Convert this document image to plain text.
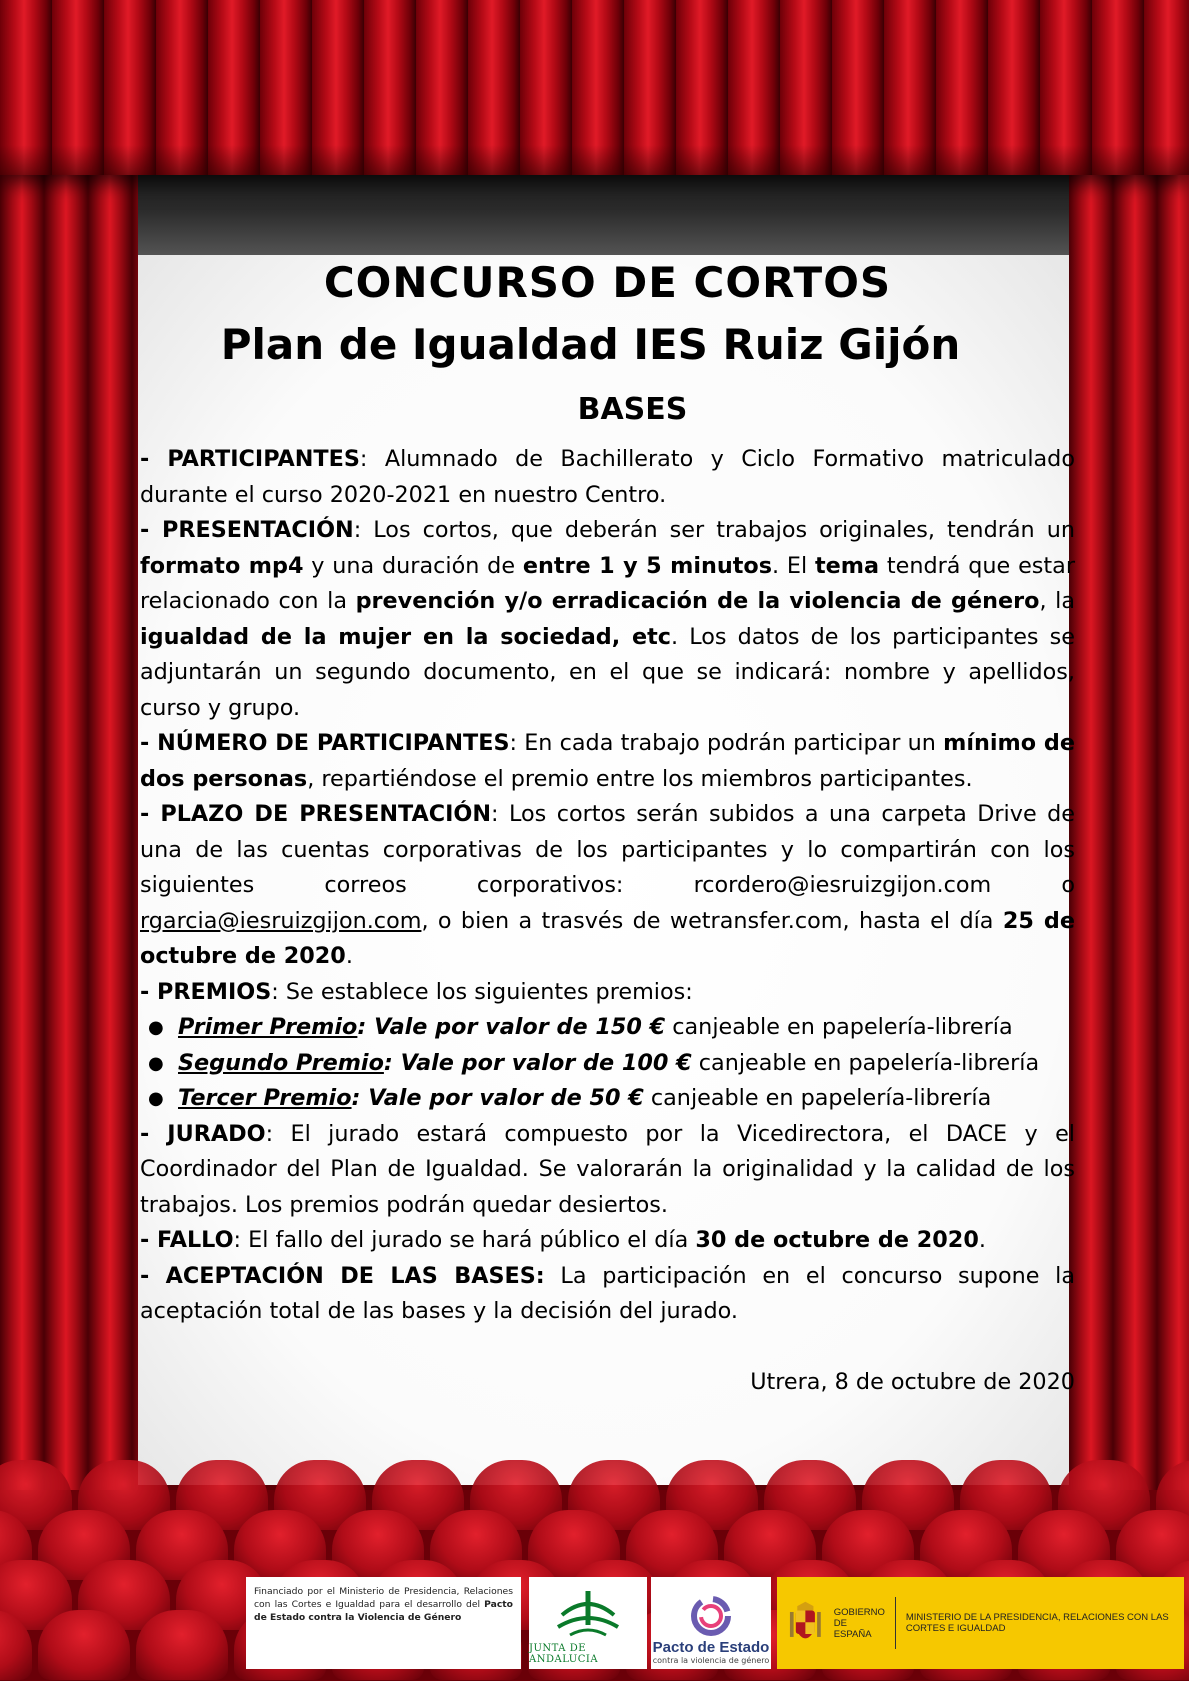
CONCURSO DE CORTOS
Plan de Igualdad IES Ruiz Gijón
BASES

- PARTICIPANTES: Alumnado de Bachillerato y Ciclo Formativo matriculado durante el curso 2020-2021 en nuestro Centro.

- PRESENTACIÓN: Los cortos, que deberán ser trabajos originales, tendrán un formato mp4 y una duración de entre 1 y 5 minutos. El tema tendrá que estar relacionado con la prevención y/o erradicación de la violencia de género, la igualdad de la mujer en la sociedad, etc. Los datos de los participantes se adjuntarán un segundo documento, en el que se indicará: nombre y apellidos, curso y grupo.

- NÚMERO DE PARTICIPANTES: En cada trabajo podrán participar un mínimo de dos personas, repartiéndose el premio entre los miembros participantes.

- PLAZO DE PRESENTACIÓN: Los cortos serán subidos a una carpeta Drive de una de las cuentas corporativas de los participantes y lo compartirán con los siguientes correos corporativos: rcordero@iesruizgijon.com o rgarcia@iesruizgijon.com, o bien a trasvés de wetransfer.com, hasta el día 25 de octubre de 2020.

- PREMIOS: Se establece los siguientes premios:

● Primer Premio: Vale por valor de 150 € canjeable en papelería-librería
● Segundo Premio: Vale por valor de 100 € canjeable en papelería-librería
● Tercer Premio: Vale por valor de 50 € canjeable en papelería-librería

- JURADO: El jurado estará compuesto por la Vicedirectora, el DACE y el Coordinador del Plan de Igualdad. Se valorarán la originalidad y la calidad de los trabajos. Los premios podrán quedar desiertos.

- FALLO: El fallo del jurado se hará público el día 30 de octubre de 2020.

- ACEPTACIÓN DE LAS BASES: La participación en el concurso supone la aceptación total de las bases y la decisión del jurado.

Utrera, 8 de octubre de 2020
Financiado por el Ministerio de Presidencia, Relaciones con las Cortes e Igualdad para el desarrollo del Pacto de Estado contra la Violencia de Género
JUNTA DE ANDALUCIA
Pacto de Estado
contra la violencia de género
GOBIERNO DE ESPAÑA
MINISTERIO DE LA PRESIDENCIA, RELACIONES CON LAS CORTES E IGUALDAD
